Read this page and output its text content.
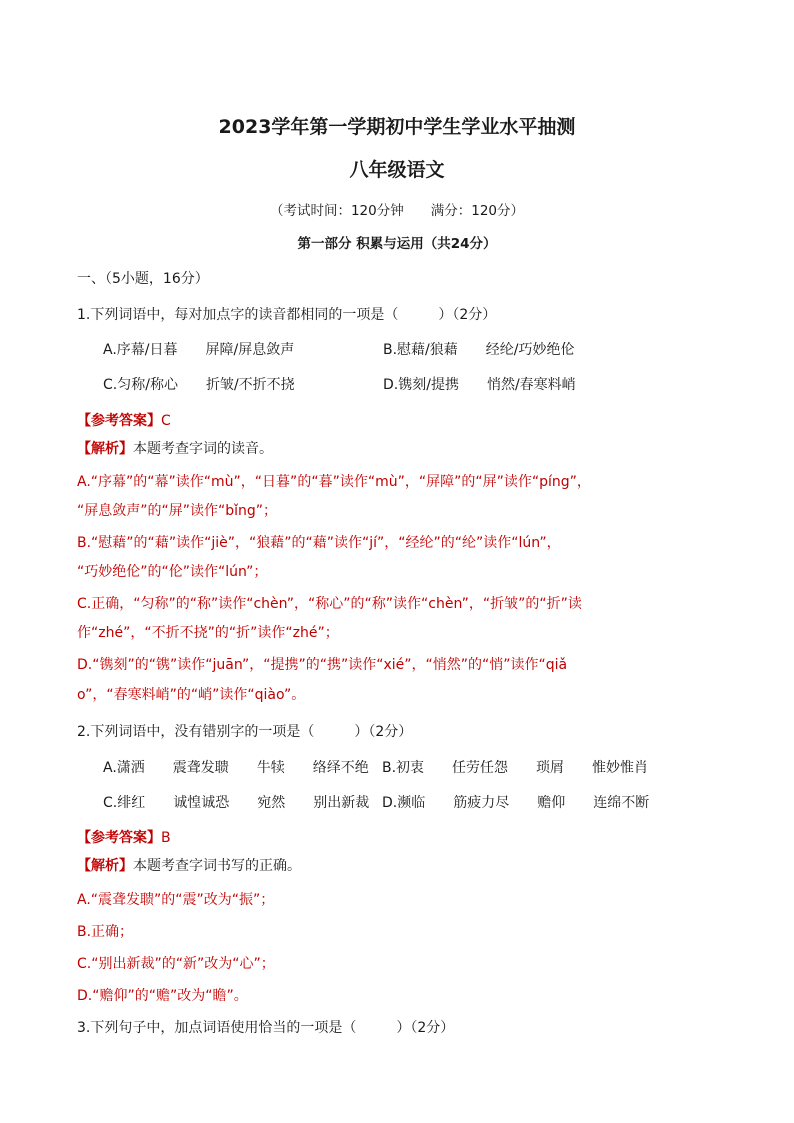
2023学年第一学期初中学生学业水平抽测
八年级语文
（考试时间：120分钟　　满分：120分）
第一部分 积累与运用（共24分）
一、（5小题，16分）
1.下列词语中，每对加点字的读音都相同的一项是（	）（2分）
A.序幕/日暮　　屏障/屏息敛声	B.慰藉/狼藉　　经纶/巧妙绝伦
C.匀称/称心　　折皱/不折不挠	D.镌刻/提携　　悄然/春寒料峭
【参考答案】C
【解析】本题考查字词的读音。
A.“序幕”的“幕”读作“mù”，“日暮”的“暮”读作“mù”，“屏障”的“屏”读作“píng”，
“屏息敛声”的“屏”读作“bǐng”；
B.“慰藉”的“藉”读作“jiè”，“狼藉”的“藉”读作“jí”，“经纶”的“纶”读作“lún”，
“巧妙绝伦”的“伦”读作“lún”；
C.正确，“匀称”的“称”读作“chèn”，“称心”的“称”读作“chèn”，“折皱”的“折”读
作“zhé”，“不折不挠”的“折”读作“zhé”；
D.“镌刻”的“镌”读作“juān”，“提携”的“携”读作“xié”，“悄然”的“悄”读作“qiǎ
o”，“春寒料峭”的“峭”读作“qiào”。
2.下列词语中，没有错别字的一项是（	）（2分）
A.潇洒　　震聋发聩　　牛犊　　络绎不绝 B.初衷　　任劳任怨　　琐屑　　惟妙惟肖
C.绯红　　诚惶诚恐　　宛然　　别出新裁 D.濒临　　筋疲力尽　　赡仰　　连绵不断
【参考答案】B
【解析】本题考查字词书写的正确。
A.“震聋发聩”的“震”改为“振”；
B.正确；
C.“别出新裁”的“新”改为“心”；
D.“赡仰”的“赡”改为“瞻”。
3.下列句子中，加点词语使用恰当的一项是（	）（2分）
